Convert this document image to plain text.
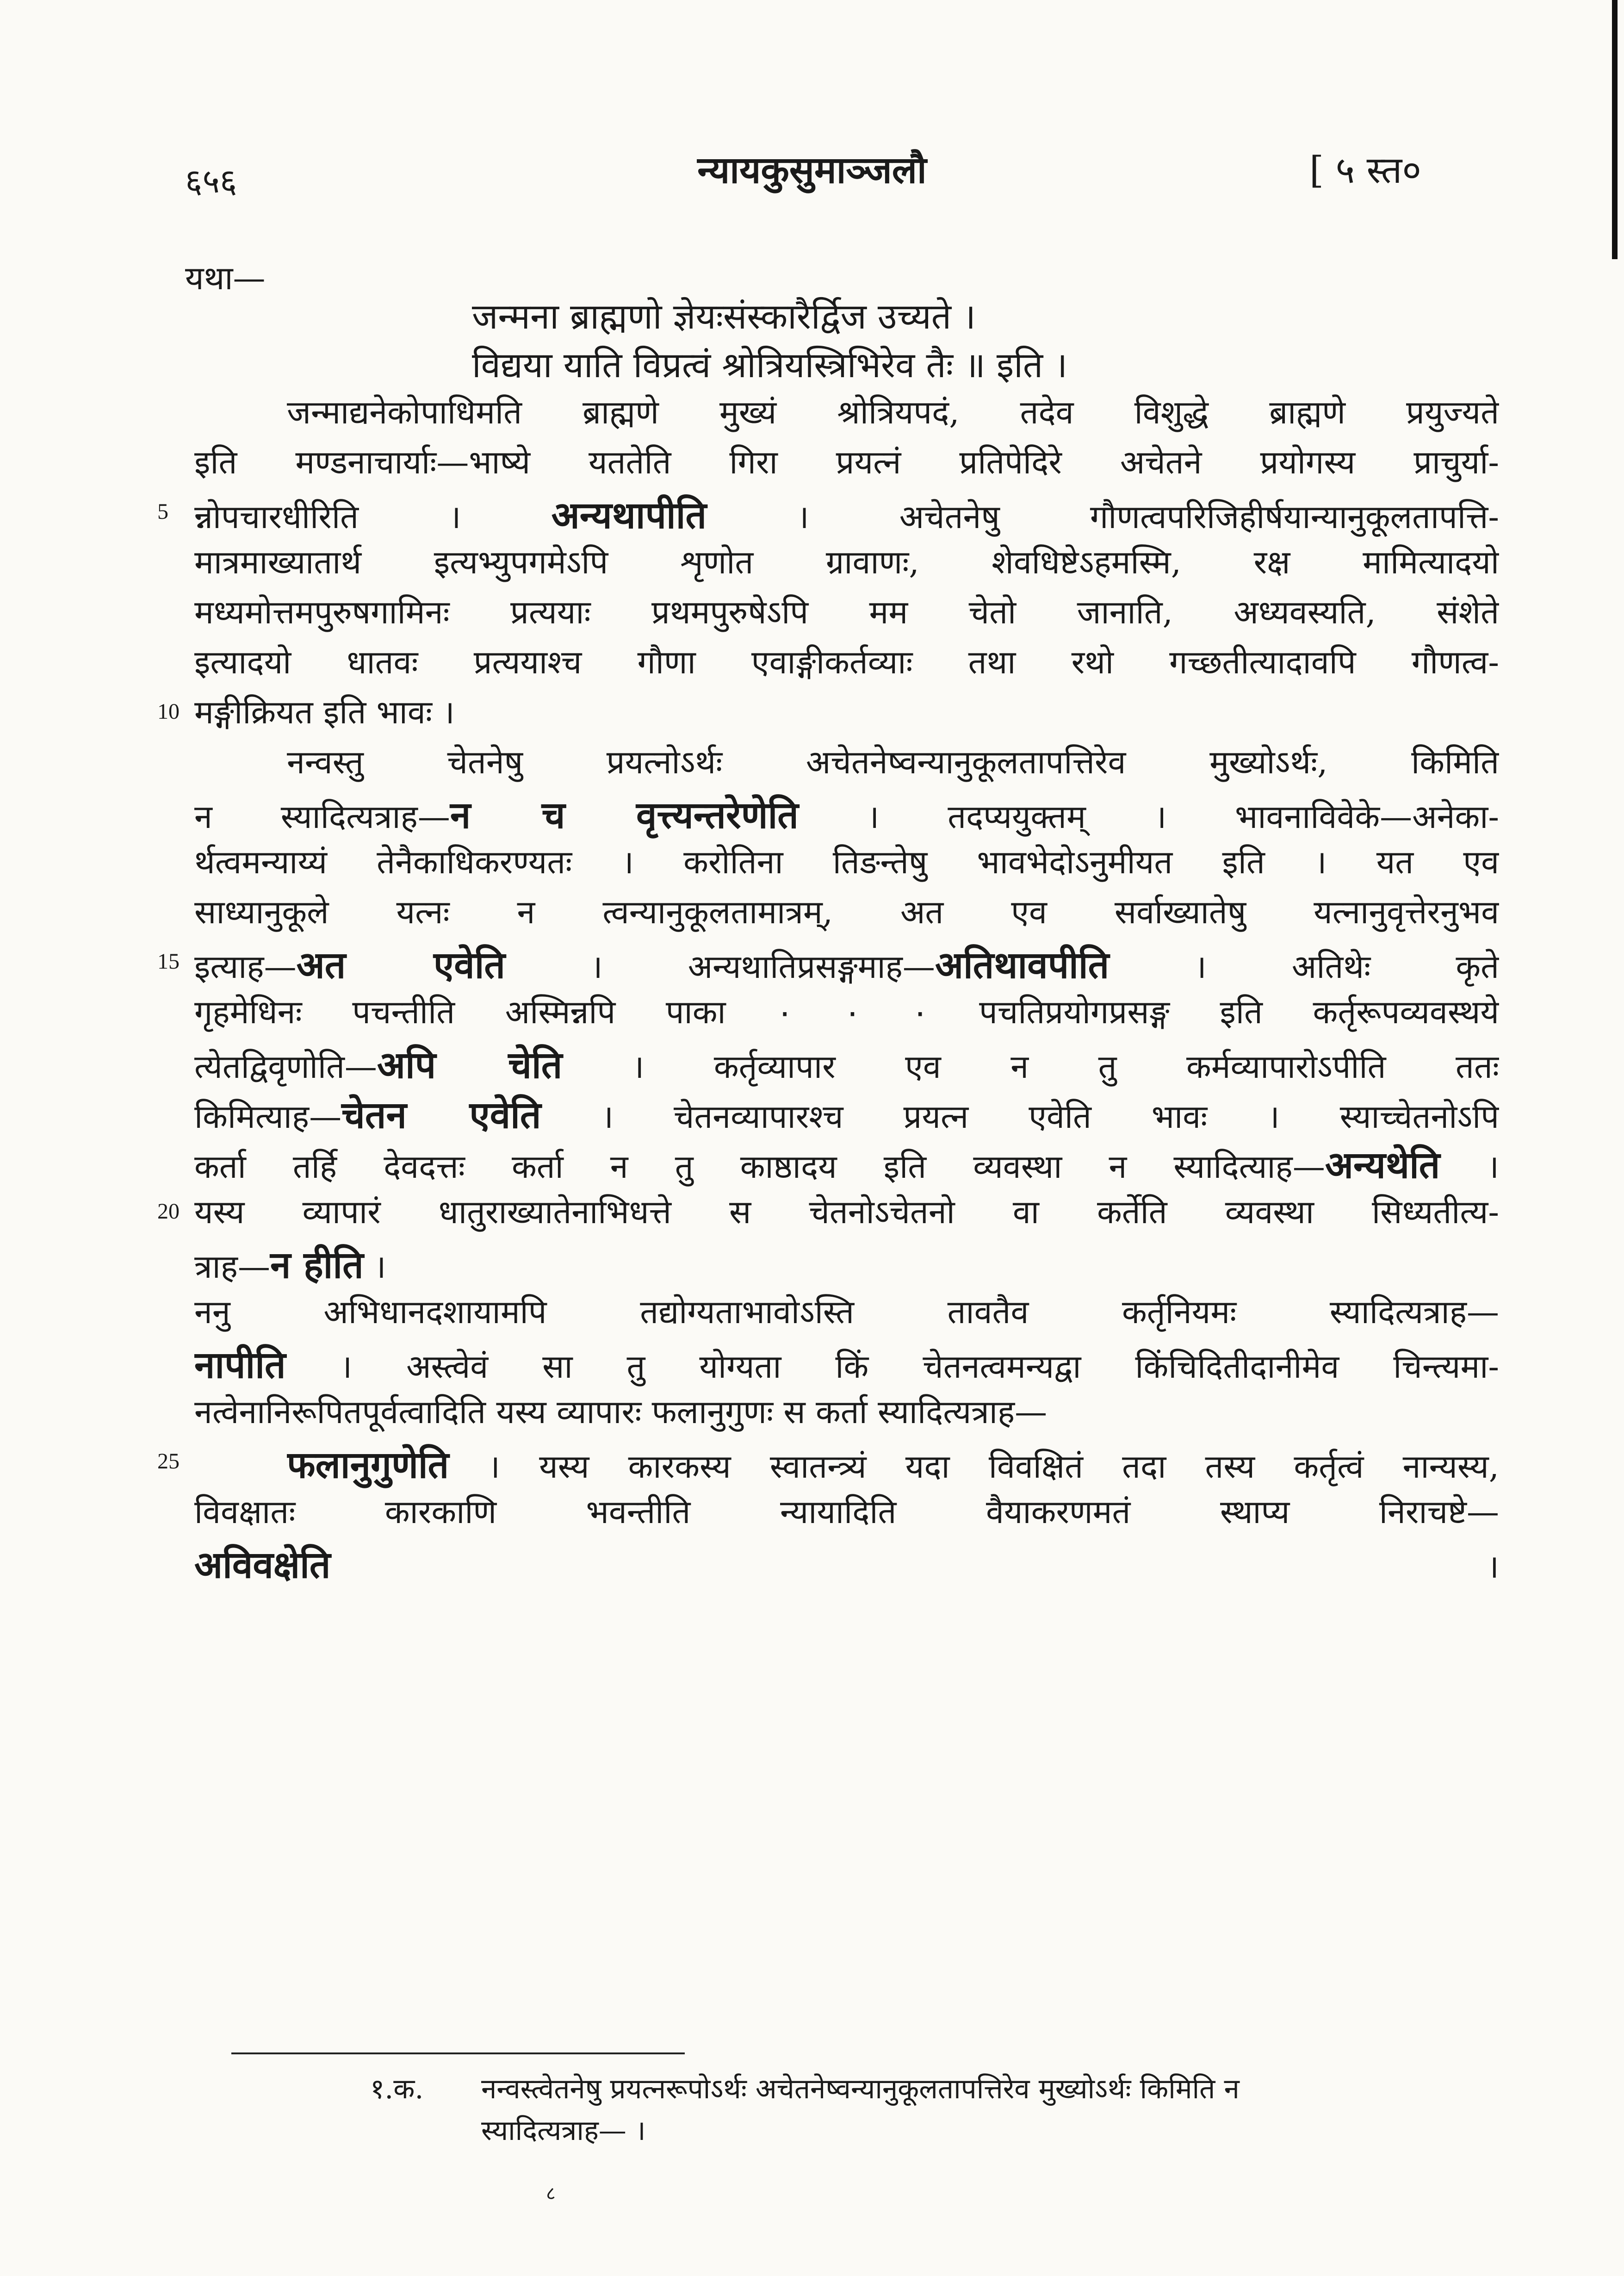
६५६	न्यायकुसुमाञ्जलौ	[ ५ स्त०
यथा—
जन्मना ब्राह्मणो ज्ञेयःसंस्कारैर्द्विज उच्यते ।
विद्यया याति विप्रत्वं श्रोत्रियस्त्रिभिरेव तैः ॥ इति ।
जन्माद्यनेकोपाधिमति ब्राह्मणे मुख्यं श्रोत्रियपदं, तदेव विशुद्धे ब्राह्मणे प्रयुज्यते
इति मण्डनाचार्याः—भाष्ये यततेति गिरा प्रयत्नं प्रतिपेदिरे अचेतने प्रयोगस्य प्राचुर्या-
न्नोपचारधीरिति । अन्यथापीति । अचेतनेषु गौणत्वपरिजिहीर्षयान्यानुकूलतापत्ति-
5
मात्रमाख्यातार्थ इत्यभ्युपगमेऽपि शृणोत ग्रावाणः, शेवधिष्टेऽहमस्मि, रक्ष मामित्यादयो
मध्यमोत्तमपुरुषगामिनः प्रत्ययाः प्रथमपुरुषेऽपि मम चेतो जानाति, अध्यवस्यति, संशेते
इत्यादयो धातवः प्रत्ययाश्च गौणा एवाङ्गीकर्तव्याः तथा रथो गच्छतीत्यादावपि गौणत्व-
मङ्गीक्रियत इति भावः ।
10
नन्वस्तु चेतनेषु प्रयत्नोऽर्थः अचेतनेष्वन्यानुकूलतापत्तिरेव मुख्योऽर्थः, किमिति
न स्यादित्यत्राह—न च वृत्त्यन्तरेणेति । तदप्ययुक्तम् । भावनाविवेके—अनेका-
र्थत्वमन्याय्यं तेनैकाधिकरण्यतः । करोतिना तिङन्तेषु भावभेदोऽनुमीयत इति । यत एव
साध्यानुकूले यत्नः न त्वन्यानुकूलतामात्रम्, अत एव सर्वाख्यातेषु यत्नानुवृत्तेरनुभव
इत्याह—अत एवेति । अन्यथातिप्रसङ्गमाह—अतिथावपीति । अतिथेः कृते
15
गृहमेधिनः पचन्तीति अस्मिन्नपि पाका ٠ ٠ ٠ पचतिप्रयोगप्रसङ्ग इति कर्तृरूपव्यवस्थये
त्येतद्विवृणोति—अपि चेति । कर्तृव्यापार एव न तु कर्मव्यापारोऽपीति ततः
किमित्याह—चेतन एवेति । चेतनव्यापारश्च प्रयत्न एवेति भावः । स्याच्चेतनोऽपि
कर्ता तर्हि देवदत्तः कर्ता न तु काष्ठादय इति व्यवस्था न स्यादित्याह—अन्यथेति ।
यस्य व्यापारं धातुराख्यातेनाभिधत्ते स चेतनोऽचेतनो वा कर्तेति व्यवस्था सिध्यतीत्य-
20
त्राह—न हीति ।
ननु अभिधानदशायामपि तद्योग्यताभावोऽस्ति तावतैव कर्तृनियमः स्यादित्यत्राह—
नापीति । अस्त्वेवं सा तु योग्यता किं चेतनत्वमन्यद्वा किंचिदितीदानीमेव चिन्त्यमा-
नत्वेनानिरूपितपूर्वत्वादिति यस्य व्यापारः फलानुगुणः स कर्ता स्यादित्यत्राह—
फलानुगुणेति । यस्य कारकस्य स्वातन्त्र्यं यदा विवक्षितं तदा तस्य कर्तृत्वं नान्यस्य,
25
विवक्षातः कारकाणि भवन्तीति न्यायादिति वैयाकरणमतं स्थाप्य निराचष्टे—
अविवक्षेति ।
१.क. नन्वस्त्वेतनेषु प्रयत्नरूपोऽर्थः अचेतनेष्वन्यानुकूलतापत्तिरेव मुख्योऽर्थः किमिति न
स्यादित्यत्राह— ।
८
